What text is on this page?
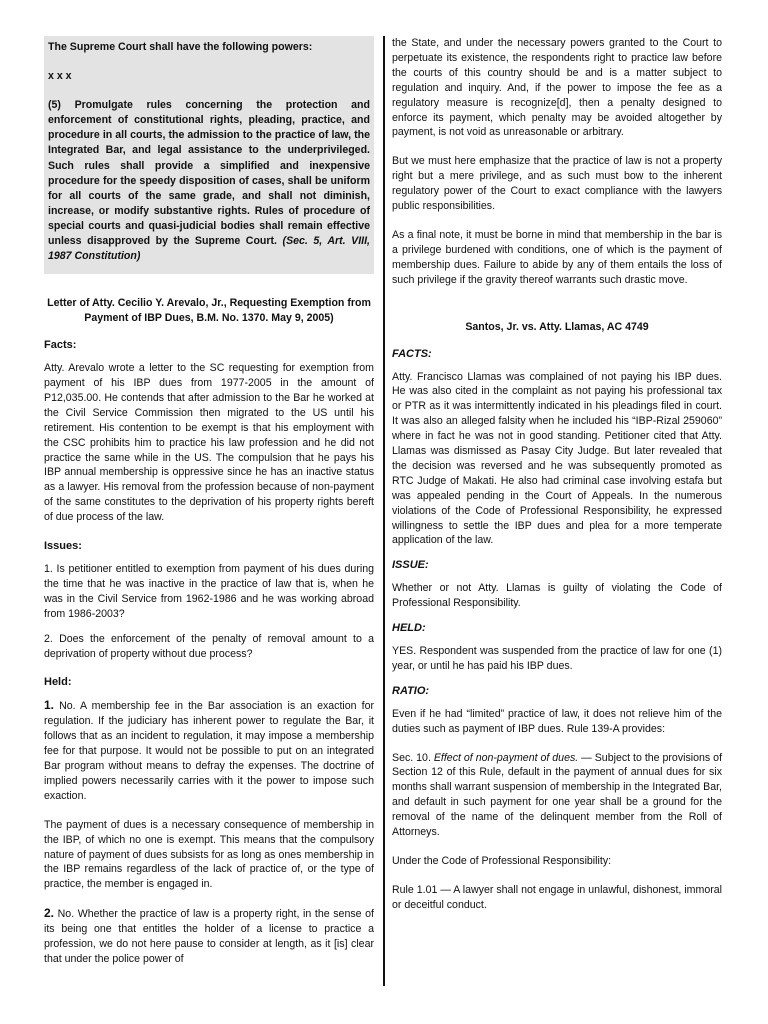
The Supreme Court shall have the following powers:

x x x

(5) Promulgate rules concerning the protection and enforcement of constitutional rights, pleading, practice, and procedure in all courts, the admission to the practice of law, the Integrated Bar, and legal assistance to the underprivileged. Such rules shall provide a simplified and inexpensive procedure for the speedy disposition of cases, shall be uniform for all courts of the same grade, and shall not diminish, increase, or modify substantive rights. Rules of procedure of special courts and quasi-judicial bodies shall remain effective unless disapproved by the Supreme Court. (Sec. 5, Art. VIII, 1987 Constitution)

Letter of Atty. Cecilio Y. Arevalo, Jr., Requesting Exemption from Payment of IBP Dues, B.M. No. 1370. May 9, 2005)

Facts:

Atty. Arevalo wrote a letter to the SC requesting for exemption from payment of his IBP dues from 1977-2005 in the amount of P12,035.00. He contends that after admission to the Bar he worked at the Civil Service Commission then migrated to the US until his retirement. His contention to be exempt is that his employment with the CSC prohibits him to practice his law profession and he did not practice the same while in the US. The compulsion that he pays his IBP annual membership is oppressive since he has an inactive status as a lawyer. His removal from the profession because of non-payment of the same constitutes to the deprivation of his property rights bereft of due process of the law.

Issues:

1. Is petitioner entitled to exemption from payment of his dues during the time that he was inactive in the practice of law that is, when he was in the Civil Service from 1962-1986 and he was working abroad from 1986-2003?

2. Does the enforcement of the penalty of removal amount to a deprivation of property without due process?

Held:

1. No. A membership fee in the Bar association is an exaction for regulation. If the judiciary has inherent power to regulate the Bar, it follows that as an incident to regulation, it may impose a membership fee for that purpose. It would not be possible to put on an integrated Bar program without means to defray the expenses. The doctrine of implied powers necessarily carries with it the power to impose such exaction.

The payment of dues is a necessary consequence of membership in the IBP, of which no one is exempt. This means that the compulsory nature of payment of dues subsists for as long as ones membership in the IBP remains regardless of the lack of practice of, or the type of practice, the member is engaged in.

2. No. Whether the practice of law is a property right, in the sense of its being one that entitles the holder of a license to practice a profession, we do not here pause to consider at length, as it [is] clear that under the police power of

the State, and under the necessary powers granted to the Court to perpetuate its existence, the respondents right to practice law before the courts of this country should be and is a matter subject to regulation and inquiry. And, if the power to impose the fee as a regulatory measure is recognize[d], then a penalty designed to enforce its payment, which penalty may be avoided altogether by payment, is not void as unreasonable or arbitrary.

But we must here emphasize that the practice of law is not a property right but a mere privilege, and as such must bow to the inherent regulatory power of the Court to exact compliance with the lawyers public responsibilities.

As a final note, it must be borne in mind that membership in the bar is a privilege burdened with conditions, one of which is the payment of membership dues. Failure to abide by any of them entails the loss of such privilege if the gravity thereof warrants such drastic move.

Santos, Jr. vs. Atty. Llamas, AC 4749

FACTS:

Atty. Francisco Llamas was complained of not paying his IBP dues. He was also cited in the complaint as not paying his professional tax or PTR as it was intermittently indicated in his pleadings filed in court. It was also an alleged falsity when he included his “IBP-Rizal 259060” where in fact he was not in good standing. Petitioner cited that Atty. Llamas was dismissed as Pasay City Judge. But later revealed that the decision was reversed and he was subsequently promoted as RTC Judge of Makati. He also had criminal case involving estafa but was appealed pending in the Court of Appeals. In the numerous violations of the Code of Professional Responsibility, he expressed willingness to settle the IBP dues and plea for a more temperate application of the law.

ISSUE:

Whether or not Atty. Llamas is guilty of violating the Code of Professional Responsibility.

HELD:

YES. Respondent was suspended from the practice of law for one (1) year, or until he has paid his IBP dues.

RATIO:

Even if he had “limited” practice of law, it does not relieve him of the duties such as payment of IBP dues. Rule 139-A provides:

Sec. 10. Effect of non-payment of dues. — Subject to the provisions of Section 12 of this Rule, default in the payment of annual dues for six months shall warrant suspension of membership in the Integrated Bar, and default in such payment for one year shall be a ground for the removal of the name of the delinquent member from the Roll of Attorneys.

Under the Code of Professional Responsibility:

Rule 1.01 — A lawyer shall not engage in unlawful, dishonest, immoral or deceitful conduct.
